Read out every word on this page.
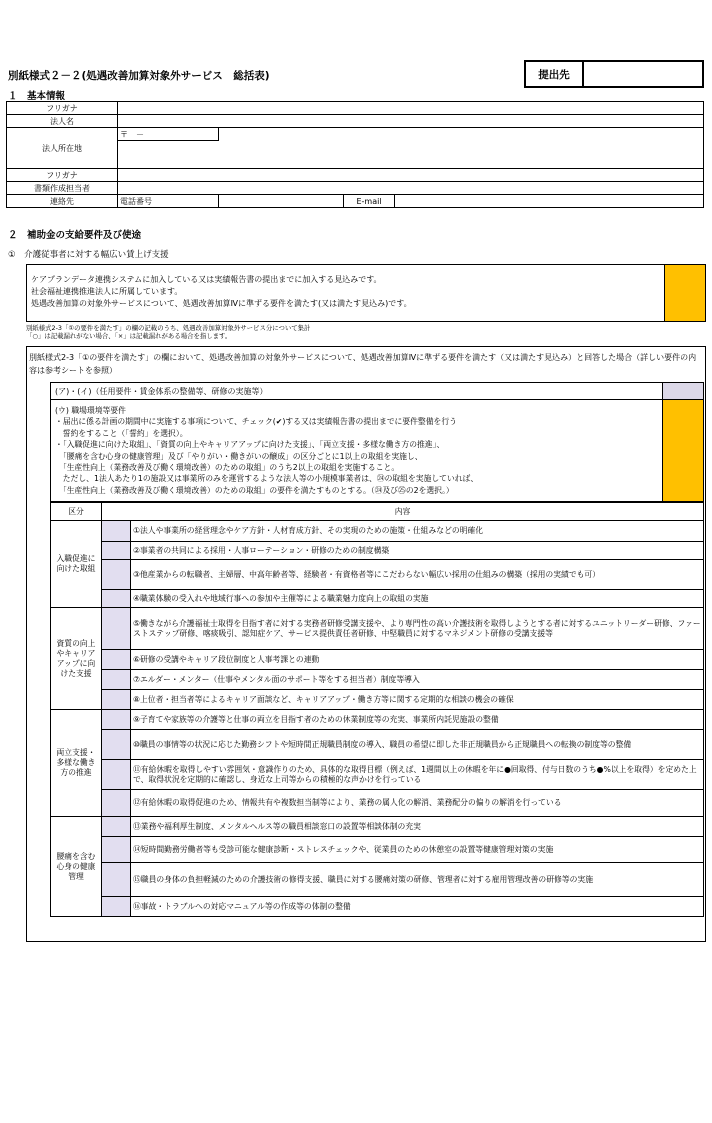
別紙様式２－２(処遇改善加算対象外サービス　総括表)	提出先
１　基本情報
フリガナ				
法人名				
法人所在地	〒　－			

フリガナ				
書類作成担当者				
連絡先	電話番号		E-mail	
２　補助金の支給要件及び使途
①　介護従事者に対する幅広い賃上げ支援
ケアプランデータ連携システムに加入している又は実績報告書の提出までに加入する見込みです。
社会福祉連携推進法人に所属しています。
処遇改善加算の対象外サービスについて、処遇改善加算Ⅳに準ずる要件を満たす(又は満たす見込み)です。
別紙様式2-3「①の要件を満たす」の欄の記載のうち、処遇改善加算対象外サービス分について集計
「○」は記載漏れがない場合、「×」は記載漏れがある場合を指します。
別紙様式2-3「①の要件を満たす」の欄において、処遇改善加算の対象外サービスについて、処遇改善加算Ⅳに準ずる要件を満たす（又は満たす見込み）と回答した場合（詳しい要件の内容は参考シートを参照）
(ア)・(イ)（任用要件・賃金体系の整備等、研修の実施等）
(ウ) 職場環境等要件
・届出に係る計画の期間中に実施する事項について、チェック(✔)する又は実績報告書の提出までに要件整備を行う
　誓約をすること（「誓約」を選択）。
・「入職促進に向けた取組」、「資質の向上やキャリアアップに向けた支援」、「両立支援・多様な働き方の推進」、
　「腰痛を含む心身の健康管理」及び「やりがい・働きがいの醸成」の区分ごとに1以上の取組を実施し、
　「生産性向上（業務改善及び働く環境改善）のための取組」のうち2以上の取組を実施すること。
　ただし、1法人あたり1の施設又は事業所のみを運営するような法人等の小規模事業者は、㉔の取組を実施していれば、
　「生産性向上（業務改善及び働く環境改善）のための取組」の要件を満たすものとする。（㉔及び㉕の2を選択。）
区分	内容	
入職促進に向けた取組		①法人や事業所の経営理念やケア方針・人材育成方針、その実現のための施策・仕組みなどの明確化
		②事業者の共同による採用・人事ローテーション・研修のための制度構築
		③他産業からの転職者、主婦層、中高年齢者等、経験者・有資格者等にこだわらない幅広い採用の仕組みの構築（採用の実績でも可）
		④職業体験の受入れや地域行事への参加や主催等による職業魅力度向上の取組の実施
資質の向上やキャリアアップに向けた支援		⑤働きながら介護福祉士取得を目指す者に対する実務者研修受講支援や、より専門性の高い介護技術を取得しようとする者に対するユニットリーダー研修、ファーストステップ研修、喀痰吸引、認知症ケア、サービス提供責任者研修、中堅職員に対するマネジメント研修の受講支援等
		⑥研修の受講やキャリア段位制度と人事考課との連動
		⑦エルダー・メンター（仕事やメンタル面のサポート等をする担当者）制度等導入
		⑧上位者・担当者等によるキャリア面談など、キャリアアップ・働き方等に関する定期的な相談の機会の確保
両立支援・多様な働き方の推進		⑨子育てや家族等の介護等と仕事の両立を目指す者のための休業制度等の充実、事業所内託児施設の整備
		⑩職員の事情等の状況に応じた勤務シフトや短時間正規職員制度の導入、職員の希望に即した非正規職員から正規職員への転換の制度等の整備
		⑪有給休暇を取得しやすい雰囲気・意識作りのため、具体的な取得目標（例えば、1週間以上の休暇を年に●回取得、付与日数のうち●%以上を取得）を定めた上で、取得状況を定期的に確認し、身近な上司等からの積極的な声かけを行っている
		⑫有給休暇の取得促進のため、情報共有や複数担当制等により、業務の属人化の解消、業務配分の偏りの解消を行っている
腰痛を含む心身の健康管理		⑬業務や福利厚生制度、メンタルヘルス等の職員相談窓口の設置等相談体制の充実
		⑭短時間勤務労働者等も受診可能な健康診断・ストレスチェックや、従業員のための休憩室の設置等健康管理対策の実施
		⑮職員の身体の負担軽減のための介護技術の修得支援、職員に対する腰痛対策の研修、管理者に対する雇用管理改善の研修等の実施
		⑯事故・トラブルへの対応マニュアル等の作成等の体制の整備
